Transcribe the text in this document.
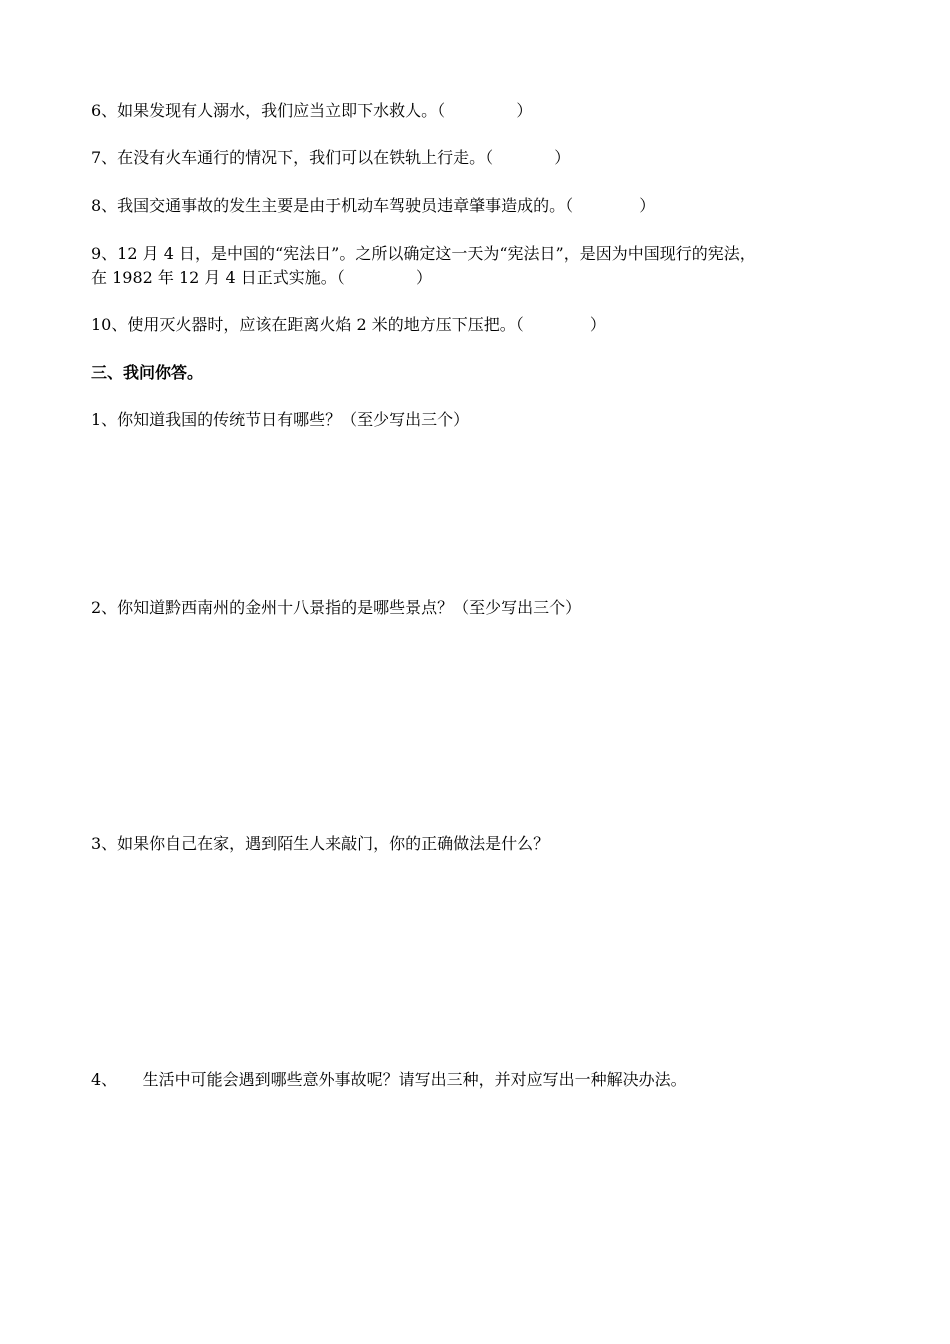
6、如果发现有人溺水，我们应当立即下水救人。（              ）

7、在没有火车通行的情况下，我们可以在铁轨上行走。（            ）

8、我国交通事故的发生主要是由于机动车驾驶员违章肇事造成的。（             ）

9、12 月 4 日，是中国的“宪法日”。之所以确定这一天为“宪法日”，是因为中国现行的宪法，

在 1982 年 12 月 4 日正式实施。（              ）

10、使用灭火器时，应该在距离火焰 2 米的地方压下压把。（             ）

三、我问你答。

1、你知道我国的传统节日有哪些？（至少写出三个）

2、你知道黔西南州的金州十八景指的是哪些景点？（至少写出三个）

3、如果你自己在家，遇到陌生人来敲门，你的正确做法是什么？

4、     生活中可能会遇到哪些意外事故呢？请写出三种，并对应写出一种解决办法。
